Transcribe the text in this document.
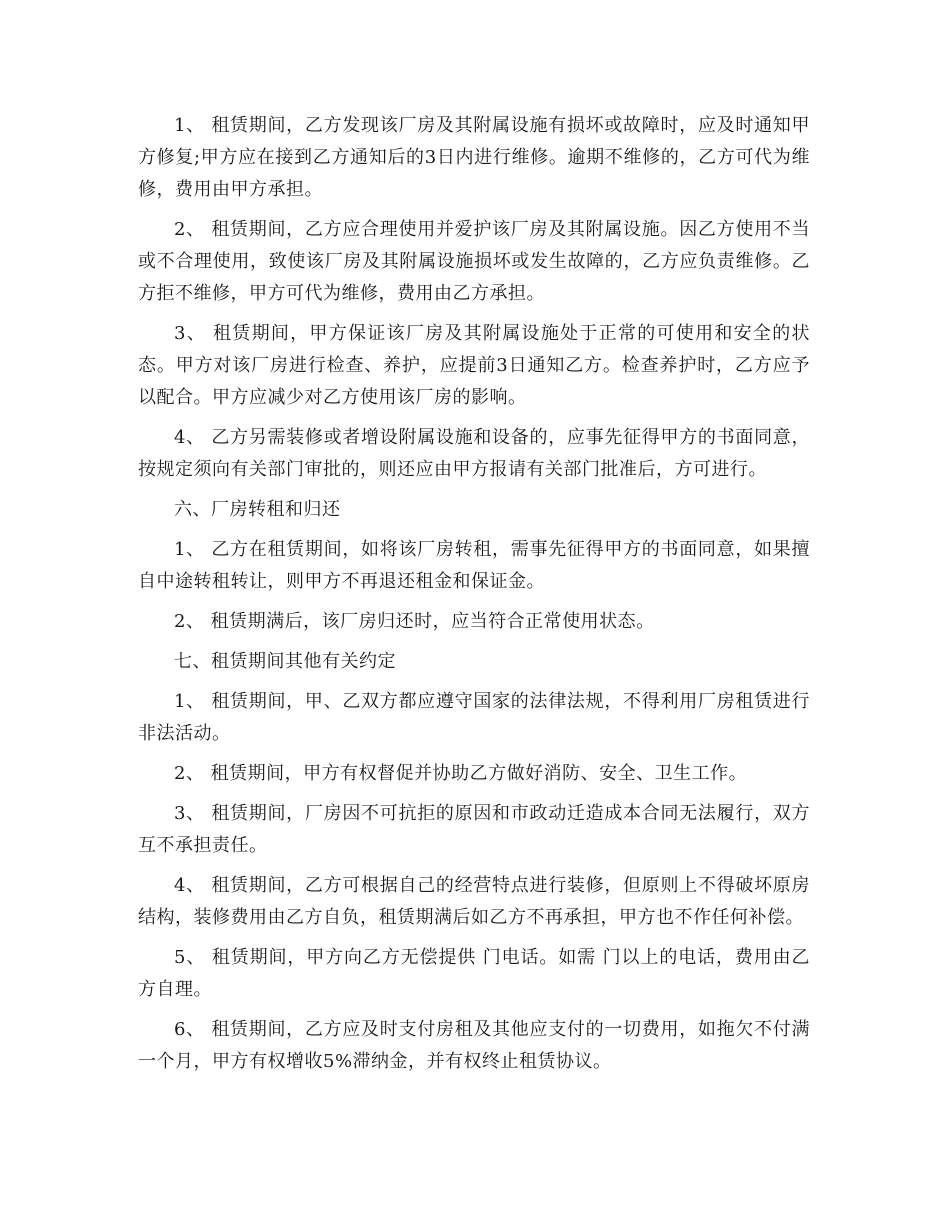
1、 租赁期间，乙方发现该厂房及其附属设施有损坏或故障时，应及时通知甲方修复;甲方应在接到乙方通知后的3日内进行维修。逾期不维修的，乙方可代为维修，费用由甲方承担。

2、 租赁期间，乙方应合理使用并爱护该厂房及其附属设施。因乙方使用不当或不合理使用，致使该厂房及其附属设施损坏或发生故障的，乙方应负责维修。乙方拒不维修，甲方可代为维修，费用由乙方承担。

3、 租赁期间，甲方保证该厂房及其附属设施处于正常的可使用和安全的状态。甲方对该厂房进行检查、养护，应提前3日通知乙方。检查养护时，乙方应予以配合。甲方应减少对乙方使用该厂房的影响。

4、 乙方另需装修或者增设附属设施和设备的，应事先征得甲方的书面同意，按规定须向有关部门审批的，则还应由甲方报请有关部门批准后，方可进行。

六、厂房转租和归还

1、 乙方在租赁期间，如将该厂房转租，需事先征得甲方的书面同意，如果擅自中途转租转让，则甲方不再退还租金和保证金。

2、 租赁期满后，该厂房归还时，应当符合正常使用状态。

七、租赁期间其他有关约定

1、 租赁期间，甲、乙双方都应遵守国家的法律法规，不得利用厂房租赁进行非法活动。

2、 租赁期间，甲方有权督促并协助乙方做好消防、安全、卫生工作。

3、 租赁期间，厂房因不可抗拒的原因和市政动迁造成本合同无法履行，双方互不承担责任。

4、 租赁期间，乙方可根据自己的经营特点进行装修，但原则上不得破坏原房结构，装修费用由乙方自负，租赁期满后如乙方不再承担，甲方也不作任何补偿。

5、 租赁期间，甲方向乙方无偿提供 门电话。如需 门以上的电话，费用由乙方自理。

6、 租赁期间，乙方应及时支付房租及其他应支付的一切费用，如拖欠不付满一个月，甲方有权增收5%滞纳金，并有权终止租赁协议。
